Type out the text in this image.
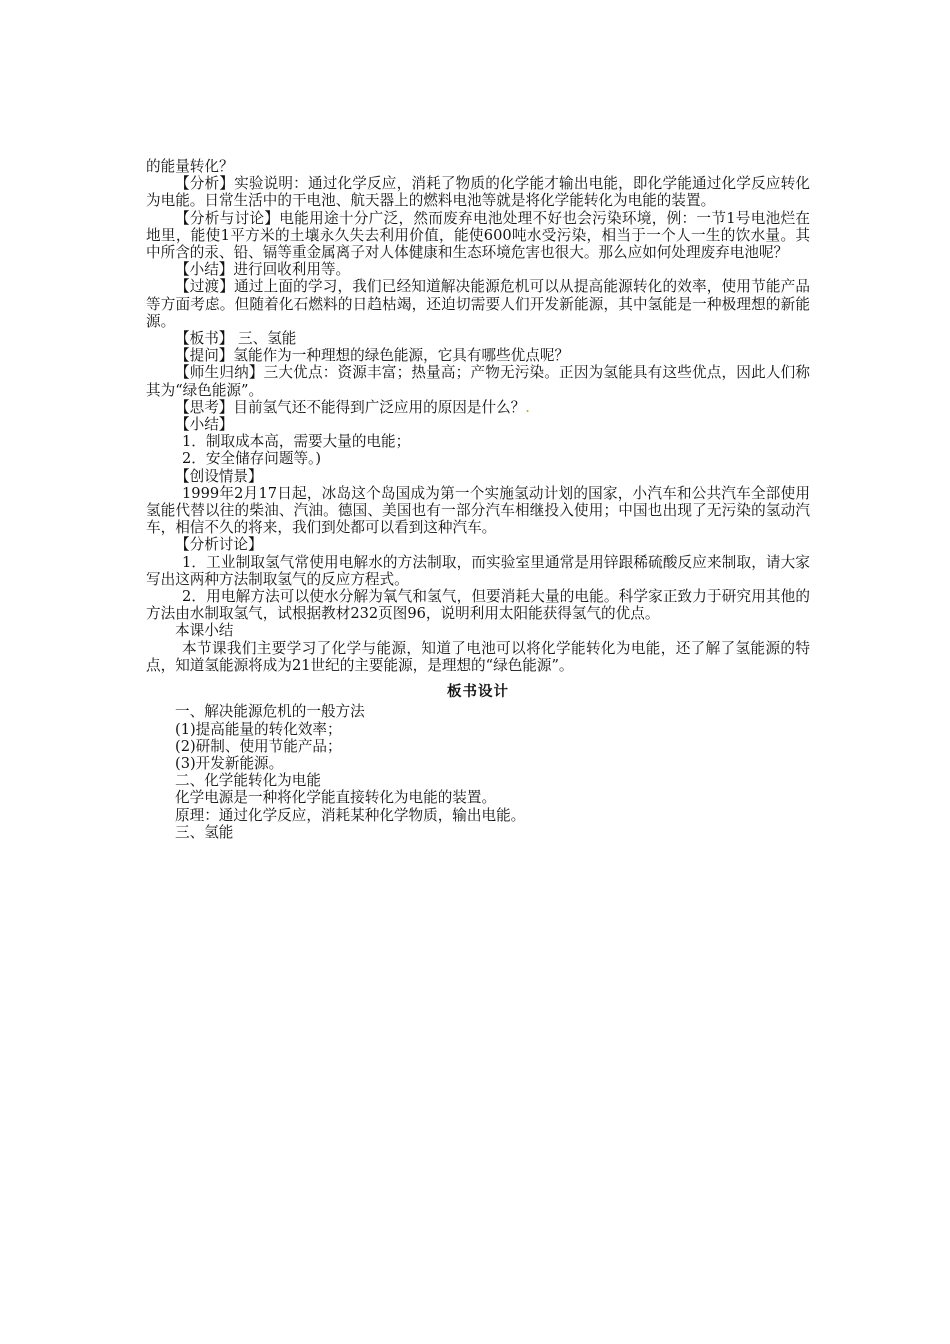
的能量转化？

【分析】实验说明：通过化学反应，消耗了物质的化学能才输出电能，即化学能通过化学反应转化为电能。日常生活中的干电池、航天器上的燃料电池等就是将化学能转化为电能的装置。

【分析与讨论】电能用途十分广泛，然而废弃电池处理不好也会污染环境，例：一节1号电池烂在地里，能使1平方米的土壤永久失去利用价值，能使600吨水受污染，相当于一个人一生的饮水量。其中所含的汞、铅、镉等重金属离子对人体健康和生态环境危害也很大。那么应如何处理废弃电池呢？

【小结】进行回收利用等。

【过渡】通过上面的学习，我们已经知道解决能源危机可以从提高能源转化的效率，使用节能产品等方面考虑。但随着化石燃料的日趋枯竭，还迫切需要人们开发新能源，其中氢能是一种极理想的新能源。

【板书】 三、氢能

【提问】氢能作为一种理想的绿色能源，它具有哪些优点呢？

【师生归纳】三大优点：资源丰富；热量高；产物无污染。正因为氢能具有这些优点，因此人们称其为“绿色能源”。

【思考】目前氢气还不能得到广泛应用的原因是什么？.

【小结】

1．制取成本高，需要大量的电能；

2．安全储存问题等。)

【创设情景】

1999年2月17日起，冰岛这个岛国成为第一个实施氢动计划的国家，小汽车和公共汽车全部使用氢能代替以往的柴油、汽油。德国、美国也有一部分汽车相继投入使用；中国也出现了无污染的氢动汽车，相信不久的将来，我们到处都可以看到这种汽车。

【分析讨论】

1．工业制取氢气常使用电解水的方法制取，而实验室里通常是用锌跟稀硫酸反应来制取，请大家写出这两种方法制取氢气的反应方程式。

2．用电解方法可以使水分解为氧气和氢气，但要消耗大量的电能。科学家正致力于研究用其他的方法由水制取氢气，试根据教材232页图96，说明利用太阳能获得氢气的优点。

本课小结

本节课我们主要学习了化学与能源，知道了电池可以将化学能转化为电能，还了解了氢能源的特点，知道氢能源将成为21世纪的主要能源，是理想的“绿色能源”。

板书设计

一、解决能源危机的一般方法

(1)提高能量的转化效率；

(2)研制、使用节能产品；

(3)开发新能源。

二、化学能转化为电能

化学电源是一种将化学能直接转化为电能的装置。

原理：通过化学反应，消耗某种化学物质，输出电能。

三、氢能
